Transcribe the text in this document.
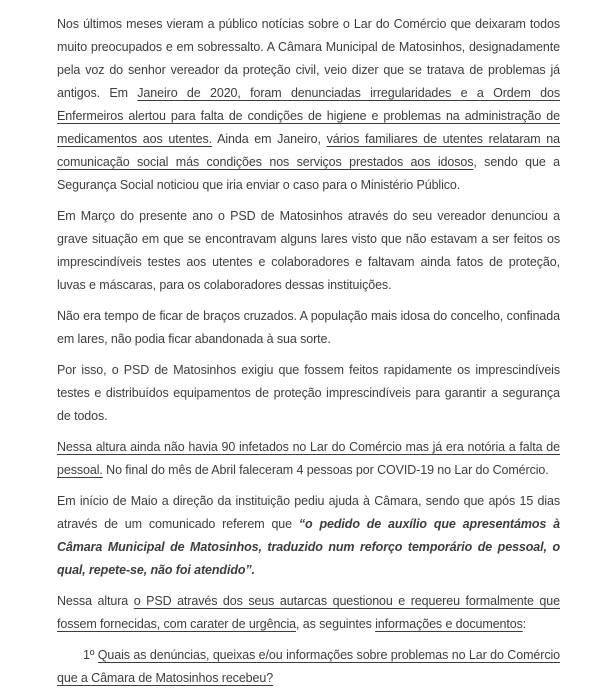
Nos últimos meses vieram a público notícias sobre o Lar do Comércio que deixaram todos muito preocupados e em sobressalto. A Câmara Municipal de Matosinhos, designadamente pela voz do senhor vereador da proteção civil, veio dizer que se tratava de problemas já antigos. Em Janeiro de 2020, foram denunciadas irregularidades e a Ordem dos Enfermeiros alertou para falta de condições de higiene e problemas na administração de medicamentos aos utentes. Ainda em Janeiro, vários familiares de utentes relataram na comunicação social más condições nos serviços prestados aos idosos, sendo que a Segurança Social noticiou que iria enviar o caso para o Ministério Público.

Em Março do presente ano o PSD de Matosinhos através do seu vereador denunciou a grave situação em que se encontravam alguns lares visto que não estavam a ser feitos os imprescindíveis testes aos utentes e colaboradores e faltavam ainda fatos de proteção, luvas e máscaras, para os colaboradores dessas instituições.

Não era tempo de ficar de braços cruzados. A população mais idosa do concelho, confinada em lares, não podia ficar abandonada à sua sorte.

Por isso, o PSD de Matosinhos exigiu que fossem feitos rapidamente os imprescindíveis testes e distribuídos equipamentos de proteção imprescindíveis para garantir a segurança de todos.

Nessa altura ainda não havia 90 infetados no Lar do Comércio mas já era notória a falta de pessoal. No final do mês de Abril faleceram 4 pessoas por COVID-19 no Lar do Comércio.

Em início de Maio a direção da instituição pediu ajuda à Câmara, sendo que após 15 dias através de um comunicado referem que “o pedido de auxílio que apresentámos à Câmara Municipal de Matosinhos, traduzido num reforço temporário de pessoal, o qual, repete-se, não foi atendido”.

Nessa altura o PSD através dos seus autarcas questionou e requereu formalmente que fossem fornecidas, com carater de urgência, as seguintes informações e documentos:

1º Quais as denúncias, queixas e/ou informações sobre problemas no Lar do Comércio que a Câmara de Matosinhos recebeu?
